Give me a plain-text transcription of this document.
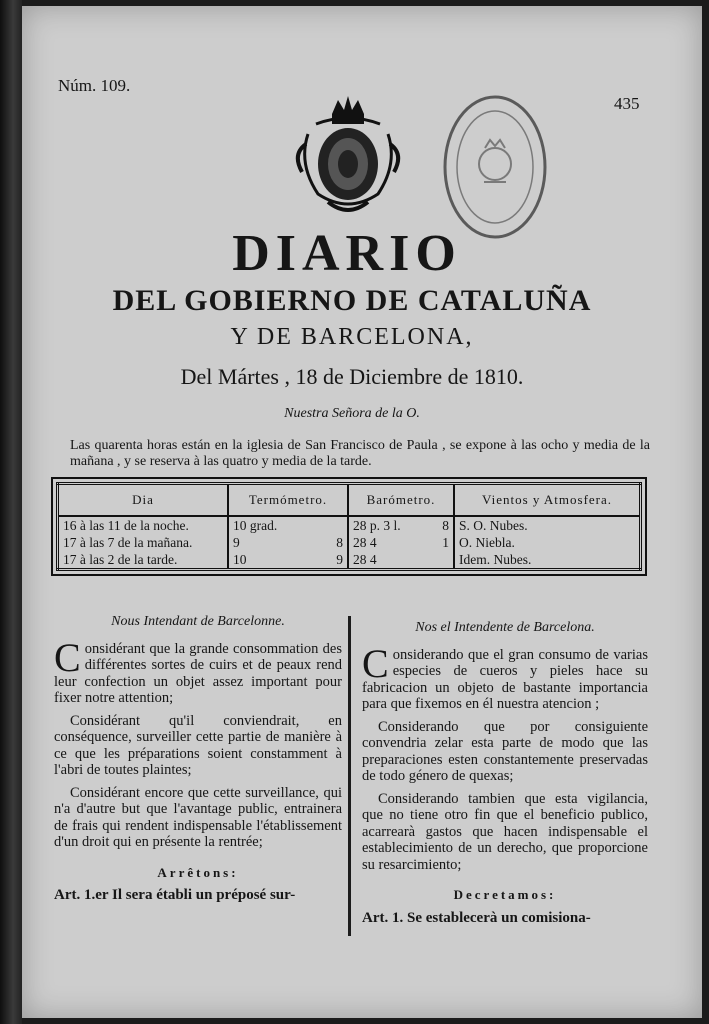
Núm. 109.
435
DIARIO
DEL GOBIERNO DE CATALUÑA
Y DE BARCELONA,
Del Mártes , 18 de Diciembre de 1810.
Nuestra Señora de la O.
Las quarenta horas están en la iglesia de San Francisco de Paula , se expone à las ocho y media de la mañana , y se reserva à las quatro y media de la tarde.
Dia	Termómetro.	Barómetro.	Vientos y Atmosfera.
16 à las 11 de la noche.	10 grad.	28 p. 3 l. 8	S. O. Nubes.
17 à las 7 de la mañana.	9 8	28 4 1	O. Niebla.
17 à las 2 de la tarde.	10 9	28 4	Idem. Nubes.
Nous Intendant de Barcelonne.

Considérant que la grande consommation des différentes sortes de cuirs et de peaux rend leur confection un objet assez important pour fixer notre attention;

Considérant qu'il conviendrait, en conséquence, surveiller cette partie de manière à ce que les préparations soient constamment à l'abri de toutes plaintes;

Considérant encore que cette surveillance, qui n'a d'autre but que l'avantage public, entrainera de frais qui rendent indispensable l'établissement d'un droit qui en présente la rentrée;

Arrêtons:

Art. 1.er Il sera établi un préposé sur-

Nos el Intendente de Barcelona.

Considerando que el gran consumo de varias especies de cueros y pieles hace su fabricacion un objeto de bastante importancia para que fixemos en él nuestra atencion ;

Considerando que por consiguiente convendria zelar esta parte de modo que las preparaciones esten constantemente preservadas de todo género de quexas;

Considerando tambien que esta vigilancia, que no tiene otro fin que el beneficio publico, acarrearà gastos que hacen indispensable el establecimiento de un derecho, que proporcione su resarcimiento;

Decretamos:

Art. 1. Se establecerà un comisiona-
